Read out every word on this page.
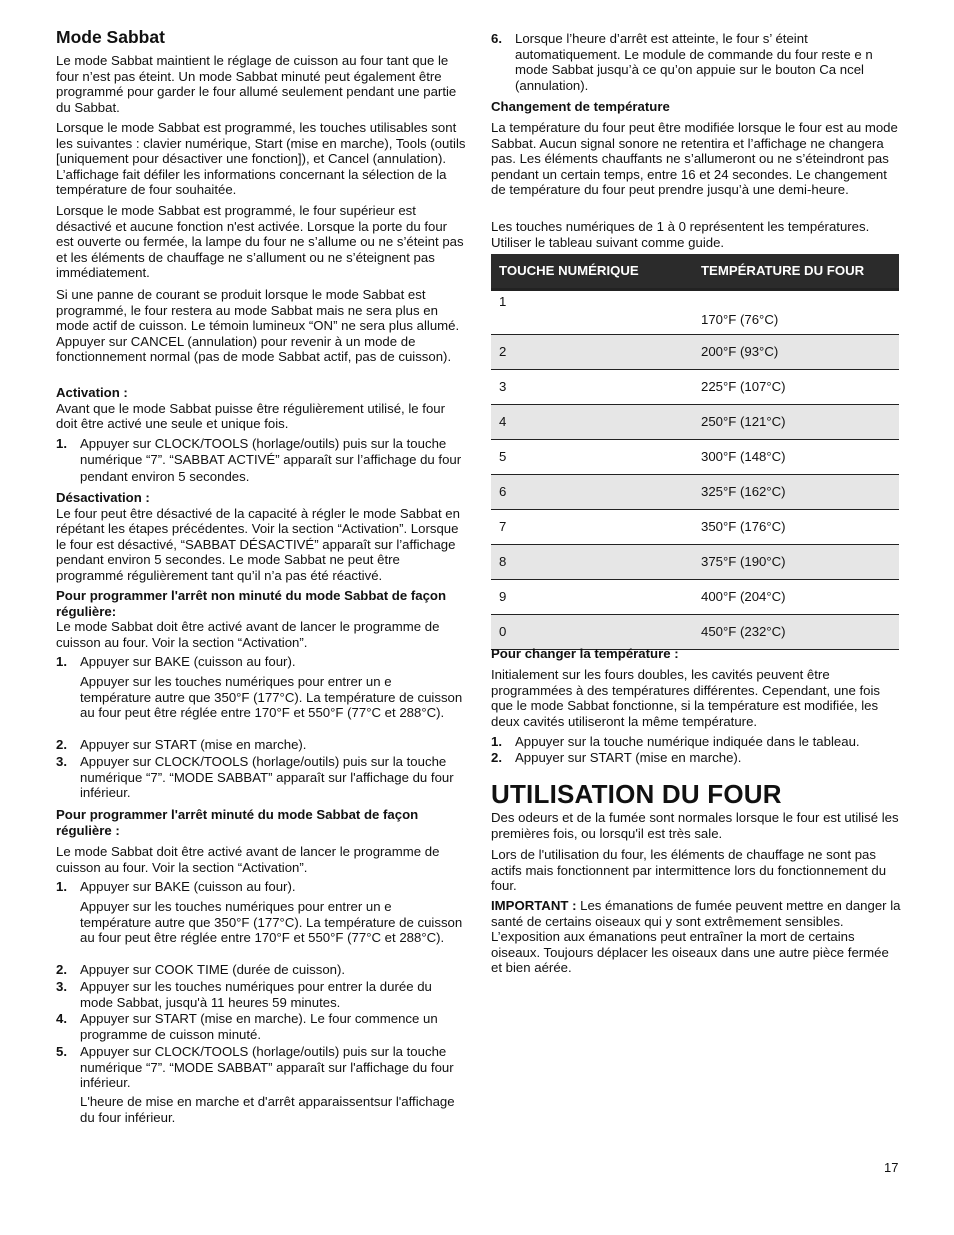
Mode Sabbat

Le mode Sabbat maintient le réglage de cuisson au four tant que le four n’est pas éteint. Un mode Sabbat minuté peut également être programmé pour garder le four allumé seulement pendant une partie du Sabbat.

Lorsque le mode Sabbat est programmé, les touches utilisables sont les suivantes : clavier numérique, Start (mise en marche), Tools (outils [uniquement pour désactiver une fonction]), et Cancel (annulation). L’affichage fait défiler les informations concernant la sélection de la température de four souhaitée.

Lorsque le mode Sabbat est programmé, le four supérieur est désactivé et aucune fonction n'est activée. Lorsque la porte du four est ouverte ou fermée, la lampe du four ne s’allume ou ne s’éteint pas et les éléments de chauffage ne s’allument ou ne s’éteignent pas immédiatement.

Si une panne de courant se produit lorsque le mode Sabbat est programmé, le four restera au mode Sabbat mais ne sera plus en mode actif de cuisson. Le témoin lumineux “ON” ne sera plus allumé. Appuyer sur CANCEL (annulation) pour revenir à un mode de fonctionnement normal (pas de mode Sabbat actif, pas de cuisson).

Activation :

Avant que le mode Sabbat puisse être régulièrement utilisé, le four doit être activé une seule et unique fois.

1. Appuyer sur CLOCK/TOOLS (horlage/outils) puis sur la touche numérique “7”. “SABBAT ACTIVÉ” apparaît sur l’affichage du four pendant environ 5 secondes.
Désactivation :

Le four peut être désactivé de la capacité à régler le mode Sabbat en répétant les étapes précédentes. Voir la section “Activation”. Lorsque le four est désactivé, “SABBAT DÉSACTIVÉ” apparaît sur l’affichage pendant environ 5 secondes. Le mode Sabbat ne peut être programmé régulièrement tant qu’il n’a pas été réactivé.

Pour programmer l'arrêt non minuté du mode Sabbat de façon régulière:

Le mode Sabbat doit être activé avant de lancer le programme de cuisson au four. Voir la section “Activation”.

1. Appuyer sur BAKE (cuisson au four).
Appuyer sur les touches numériques pour entrer un e température autre que 350°F (177°C). La température de cuisson au four peut être réglée entre 170°F et 550°F (77°C et 288°C).
2. Appuyer sur START (mise en marche).
3. Appuyer sur CLOCK/TOOLS (horlage/outils) puis sur la touche numérique “7”. “MODE SABBAT” apparaît sur l'affichage du four inférieur.
Pour programmer l'arrêt minuté du mode Sabbat de façon régulière :

Le mode Sabbat doit être activé avant de lancer le programme de cuisson au four. Voir la section “Activation”.

1. Appuyer sur BAKE (cuisson au four).
Appuyer sur les touches numériques pour entrer un e température autre que 350°F (177°C). La température de cuisson au four peut être réglée entre 170°F et 550°F (77°C et 288°C).
2. Appuyer sur COOK TIME (durée de cuisson).
3. Appuyer sur les touches numériques pour entrer la durée du mode Sabbat, jusqu'à 11 heures 59 minutes.
4. Appuyer sur START (mise en marche). Le four commence un programme de cuisson minuté.
5. Appuyer sur CLOCK/TOOLS (horlage/outils) puis sur la touche numérique “7”. “MODE SABBAT” apparaît sur l'affichage du four inférieur.
L'heure de mise en marche et d'arrêt apparaissentsur l'affichage du four inférieur.
6. Lorsque l’heure d’arrêt est atteinte, le four s’ éteint automatiquement. Le module de commande du four reste e n mode Sabbat jusqu’à ce qu’on appuie sur le bouton Ca ncel (annulation).
Changement de température

La température du four peut être modifiée lorsque le four est au mode Sabbat. Aucun signal sonore ne retentira et l’affichage ne changera pas. Les éléments chauffants ne s’allumeront ou ne s’éteindront pas pendant un certain temps, entre 16 et 24 secondes. Le changement de température du four peut prendre jusqu’à une demi-heure.

Les touches numériques de 1 à 0 représentent les températures. Utiliser le tableau suivant comme guide.

TOUCHE NUMÉRIQUE	TEMPÉRATURE DU FOUR
1	170°F (76°C)
2	200°F (93°C)
3	225°F (107°C)
4	250°F (121°C)
5	300°F (148°C)
6	325°F (162°C)
7	350°F (176°C)
8	375°F (190°C)
9	400°F (204°C)
0	450°F (232°C)
Pour changer la température :

Initialement sur les fours doubles, les cavités peuvent être programmées à des températures différentes. Cependant, une fois que le mode Sabbat fonctionne, si la température est modifiée, les deux cavités utiliseront la même température.

1. Appuyer sur la touche numérique indiquée dans le tableau.
2. Appuyer sur START (mise en marche).
UTILISATION DU FOUR

Des odeurs et de la fumée sont normales lorsque le four est utilisé les premières fois, ou lorsqu'il est très sale.

Lors de l'utilisation du four, les éléments de chauffage ne sont pas actifs mais fonctionnent par intermittence lors du fonctionnement du four.

IMPORTANT : Les émanations de fumée peuvent mettre en danger la santé de certains oiseaux qui y sont extrêmement sensibles. L’exposition aux émanations peut entraîner la mort de certains oiseaux. Toujours déplacer les oiseaux dans une autre pièce fermée et bien aérée.

17
